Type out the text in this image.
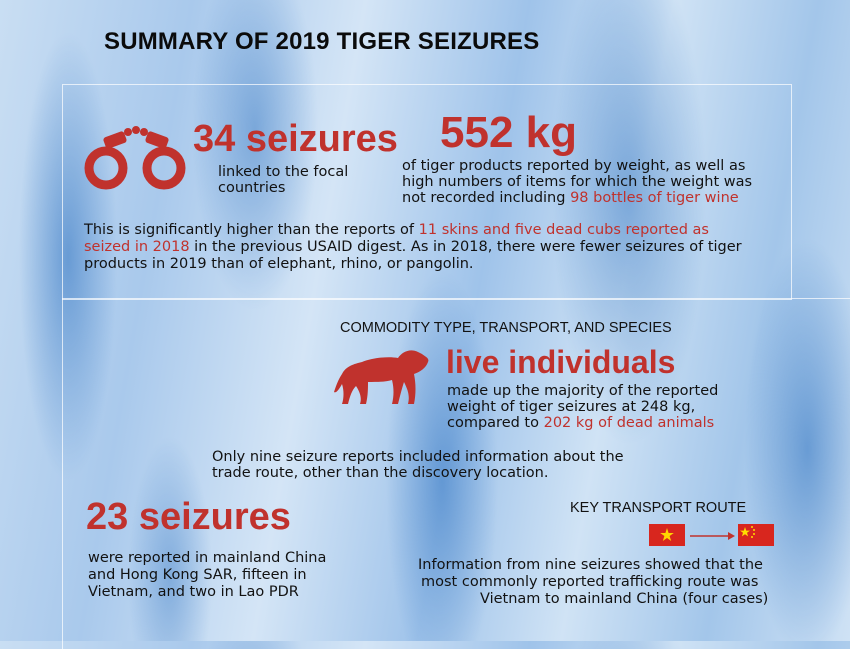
SUMMARY OF 2019 TIGER SEIZURES
34 seizures
linked to the focal
countries
552 kg
of tiger products reported by weight, as well as
high numbers of items for which the weight was
not recorded including 98 bottles of tiger wine
This is significantly higher than the reports of 11 skins and five dead cubs reported as
seized in 2018 in the previous USAID digest. As in 2018, there were fewer seizures of tiger
products in 2019 than of elephant, rhino, or pangolin.
COMMODITY TYPE, TRANSPORT, AND SPECIES
live individuals
made up the majority of the reported
weight of tiger seizures at 248 kg,
compared to 202 kg of dead animals
Only nine seizure reports included information about the
trade route, other than the discovery location.
23 seizures
were reported in mainland China
and Hong Kong SAR, fifteen in
Vietnam, and two in Lao PDR
KEY TRANSPORT ROUTE
Information from nine seizures showed that the
most commonly reported trafficking route was
Vietnam to mainland China (four cases)
